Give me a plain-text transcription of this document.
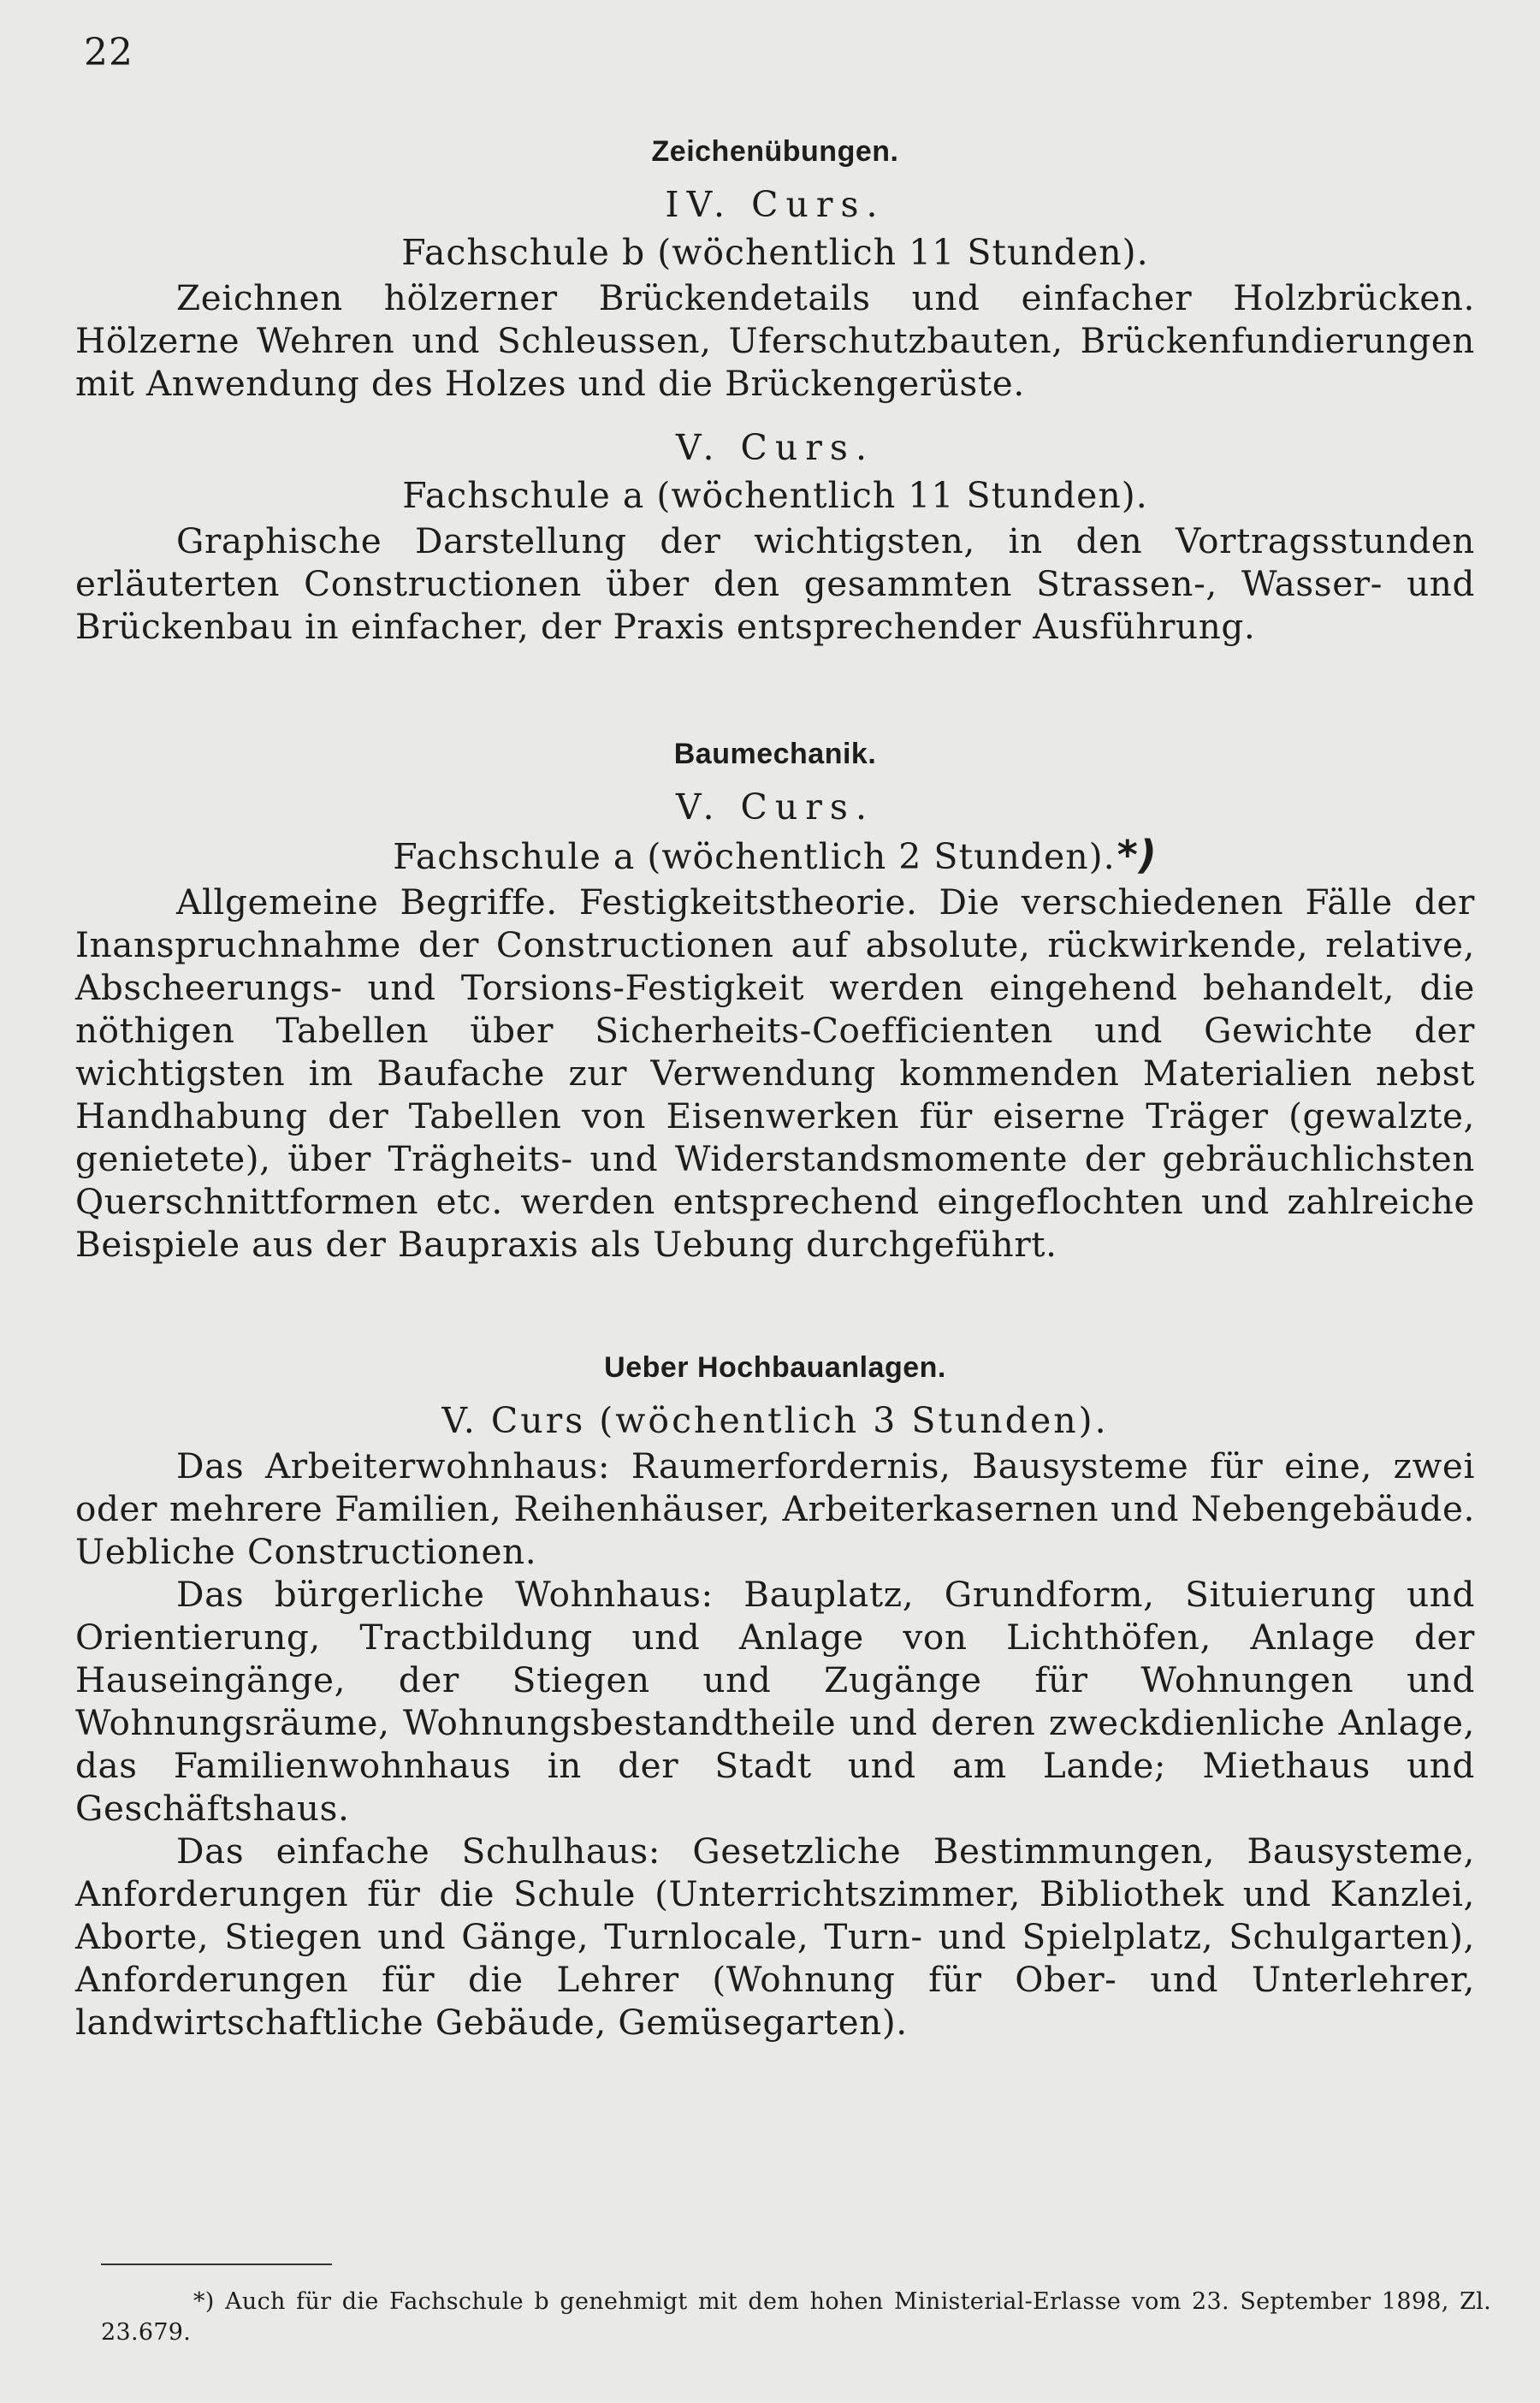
22
Zeichenübungen.
IV. Curs.
Fachschule b (wöchentlich 11 Stunden).

Zeichnen hölzerner Brückendetails und einfacher Holzbrücken. Hölzerne Wehren und Schleussen, Uferschutzbauten, Brückenfundierungen mit Anwendung des Holzes und die Brückengerüste.

V. Curs.
Fachschule a (wöchentlich 11 Stunden).

Graphische Darstellung der wichtigsten, in den Vortragsstunden erläuterten Constructionen über den gesammten Strassen-, Wasser- und Brückenbau in einfacher, der Praxis entsprechender Ausführung.

Baumechanik.
V. Curs.
Fachschule a (wöchentlich 2 Stunden).*)

Allgemeine Begriffe. Festigkeitstheorie. Die verschiedenen Fälle der Inanspruchnahme der Constructionen auf absolute, rückwirkende, relative, Abscheerungs- und Torsions-Festigkeit werden eingehend behandelt, die nöthigen Tabellen über Sicherheits-Coefficienten und Gewichte der wichtigsten im Baufache zur Verwendung kommenden Materialien nebst Handhabung der Tabellen von Eisenwerken für eiserne Träger (gewalzte, genietete), über Trägheits- und Widerstandsmomente der gebräuchlichsten Querschnittformen etc. werden entsprechend eingeflochten und zahlreiche Beispiele aus der Baupraxis als Uebung durchgeführt.

Ueber Hochbauanlagen.
V. Curs (wöchentlich 3 Stunden).

Das Arbeiterwohnhaus: Raumerfordernis, Bausysteme für eine, zwei oder mehrere Familien, Reihenhäuser, Arbeiterkasernen und Nebengebäude. Uebliche Constructionen.

Das bürgerliche Wohnhaus: Bauplatz, Grundform, Situierung und Orientierung, Tractbildung und Anlage von Lichthöfen, Anlage der Hauseingänge, der Stiegen und Zugänge für Wohnungen und Wohnungsräume, Wohnungsbestandtheile und deren zweckdienliche Anlage, das Familienwohnhaus in der Stadt und am Lande; Miethaus und Geschäftshaus.

Das einfache Schulhaus: Gesetzliche Bestimmungen, Bausysteme, Anforderungen für die Schule (Unterrichtszimmer, Bibliothek und Kanzlei, Aborte, Stiegen und Gänge, Turnlocale, Turn- und Spielplatz, Schulgarten), Anforderungen für die Lehrer (Wohnung für Ober- und Unterlehrer, landwirtschaftliche Gebäude, Gemüsegarten).

*) Auch für die Fachschule b genehmigt mit dem hohen Ministerial-Erlasse vom 23. September 1898, Zl. 23.679.
